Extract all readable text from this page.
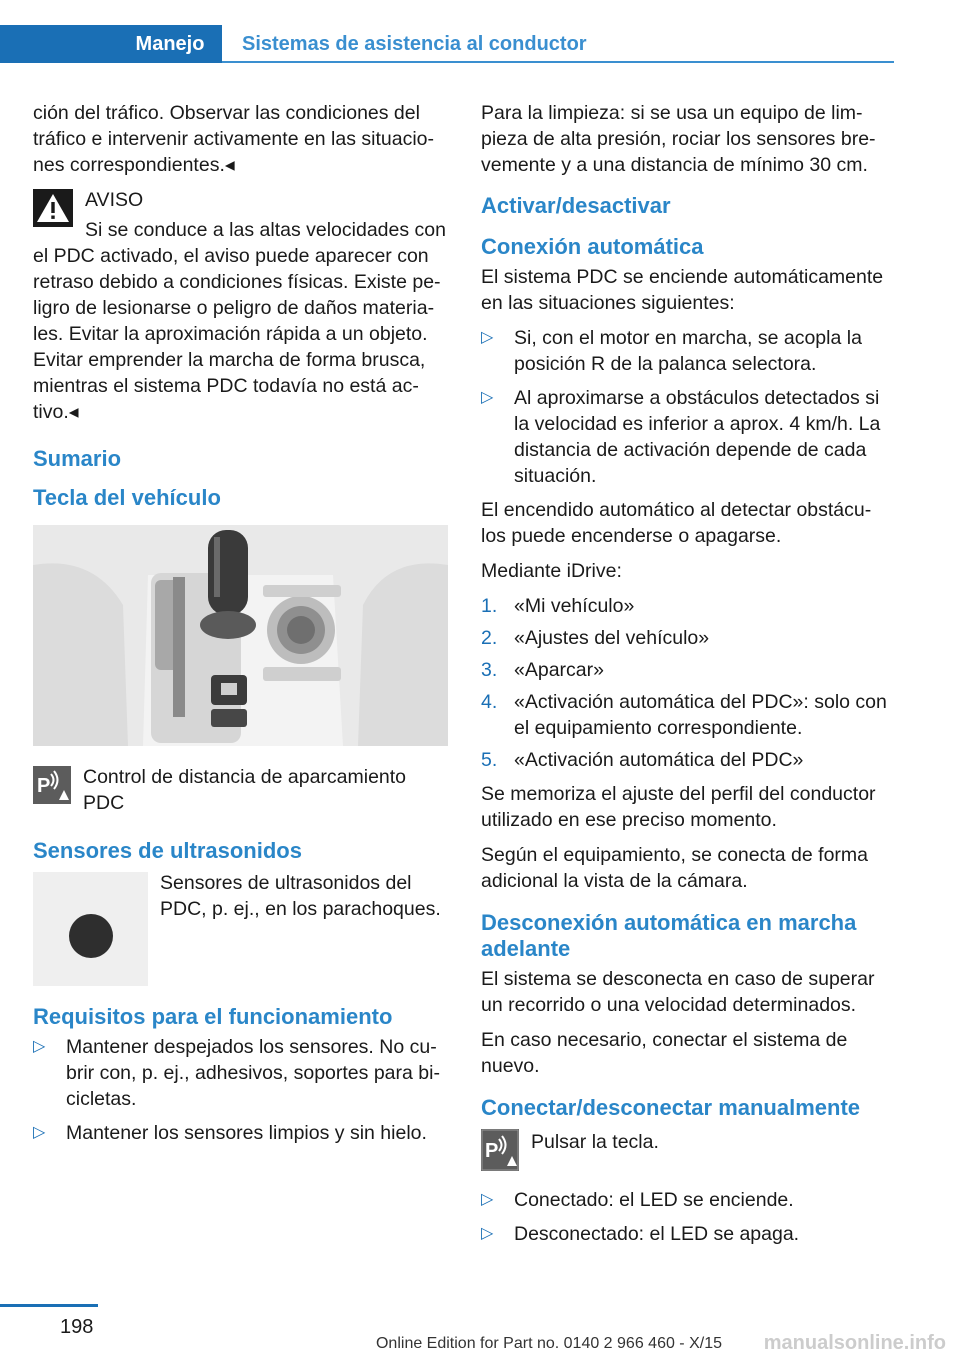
Manejo	Sistemas de asistencia al conductor

ción del tráfico. Observar las condiciones del tráfico e intervenir activamente en las situacio-nes correspondientes.◂

AVISO

Si se conduce a las altas velocidades con

el PDC activado, el aviso puede aparecer con retraso debido a condiciones físicas. Existe pe-ligro de lesionarse o peligro de daños materia-les. Evitar la aproximación rápida a un objeto. Evitar emprender la marcha de forma brusca, mientras el sistema PDC todavía no está ac-tivo.◂

Sumario
Tecla del vehículo
P Control de distancia de aparcamiento PDC

Sensores de ultrasonidos

Sensores de ultrasonidos del PDC, p. ej., en los parachoques.

Requisitos para el funcionamiento
▷ Mantener despejados los sensores. No cu-brir con, p. ej., adhesivos, soportes para bi-cicletas.
▷ Mantener los sensores limpios y sin hielo.

Para la limpieza: si se usa un equipo de lim-pieza de alta presión, rociar los sensores bre-vemente y a una distancia de mínimo 30 cm.

Activar/desactivar
Conexión automática

El sistema PDC se enciende automáticamente en las situaciones siguientes:

▷ Si, con el motor en marcha, se acopla la posición R de la palanca selectora.
▷ Al aproximarse a obstáculos detectados si la velocidad es inferior a aprox. 4 km/h. La distancia de activación depende de cada situación.

El encendido automático al detectar obstácu-los puede encenderse o apagarse.

Mediante iDrive:

1. «Mi vehículo»
2. «Ajustes del vehículo»
3. «Aparcar»
4. «Activación automática del PDC»: solo con el equipamiento correspondiente.
5. «Activación automática del PDC»

Se memoriza el ajuste del perfil del conductor utilizado en ese preciso momento.

Según el equipamiento, se conecta de forma adicional la vista de la cámara.

Desconexión automática en marcha adelante

El sistema se desconecta en caso de superar un recorrido o una velocidad determinados.

En caso necesario, conectar el sistema de nuevo.

Conectar/desconectar manualmente
P Pulsar la tecla.

▷ Conectado: el LED se enciende.
▷ Desconectado: el LED se apaga.
198
Online Edition for Part no. 0140 2 966 460 - X/15 manualsonline.info
